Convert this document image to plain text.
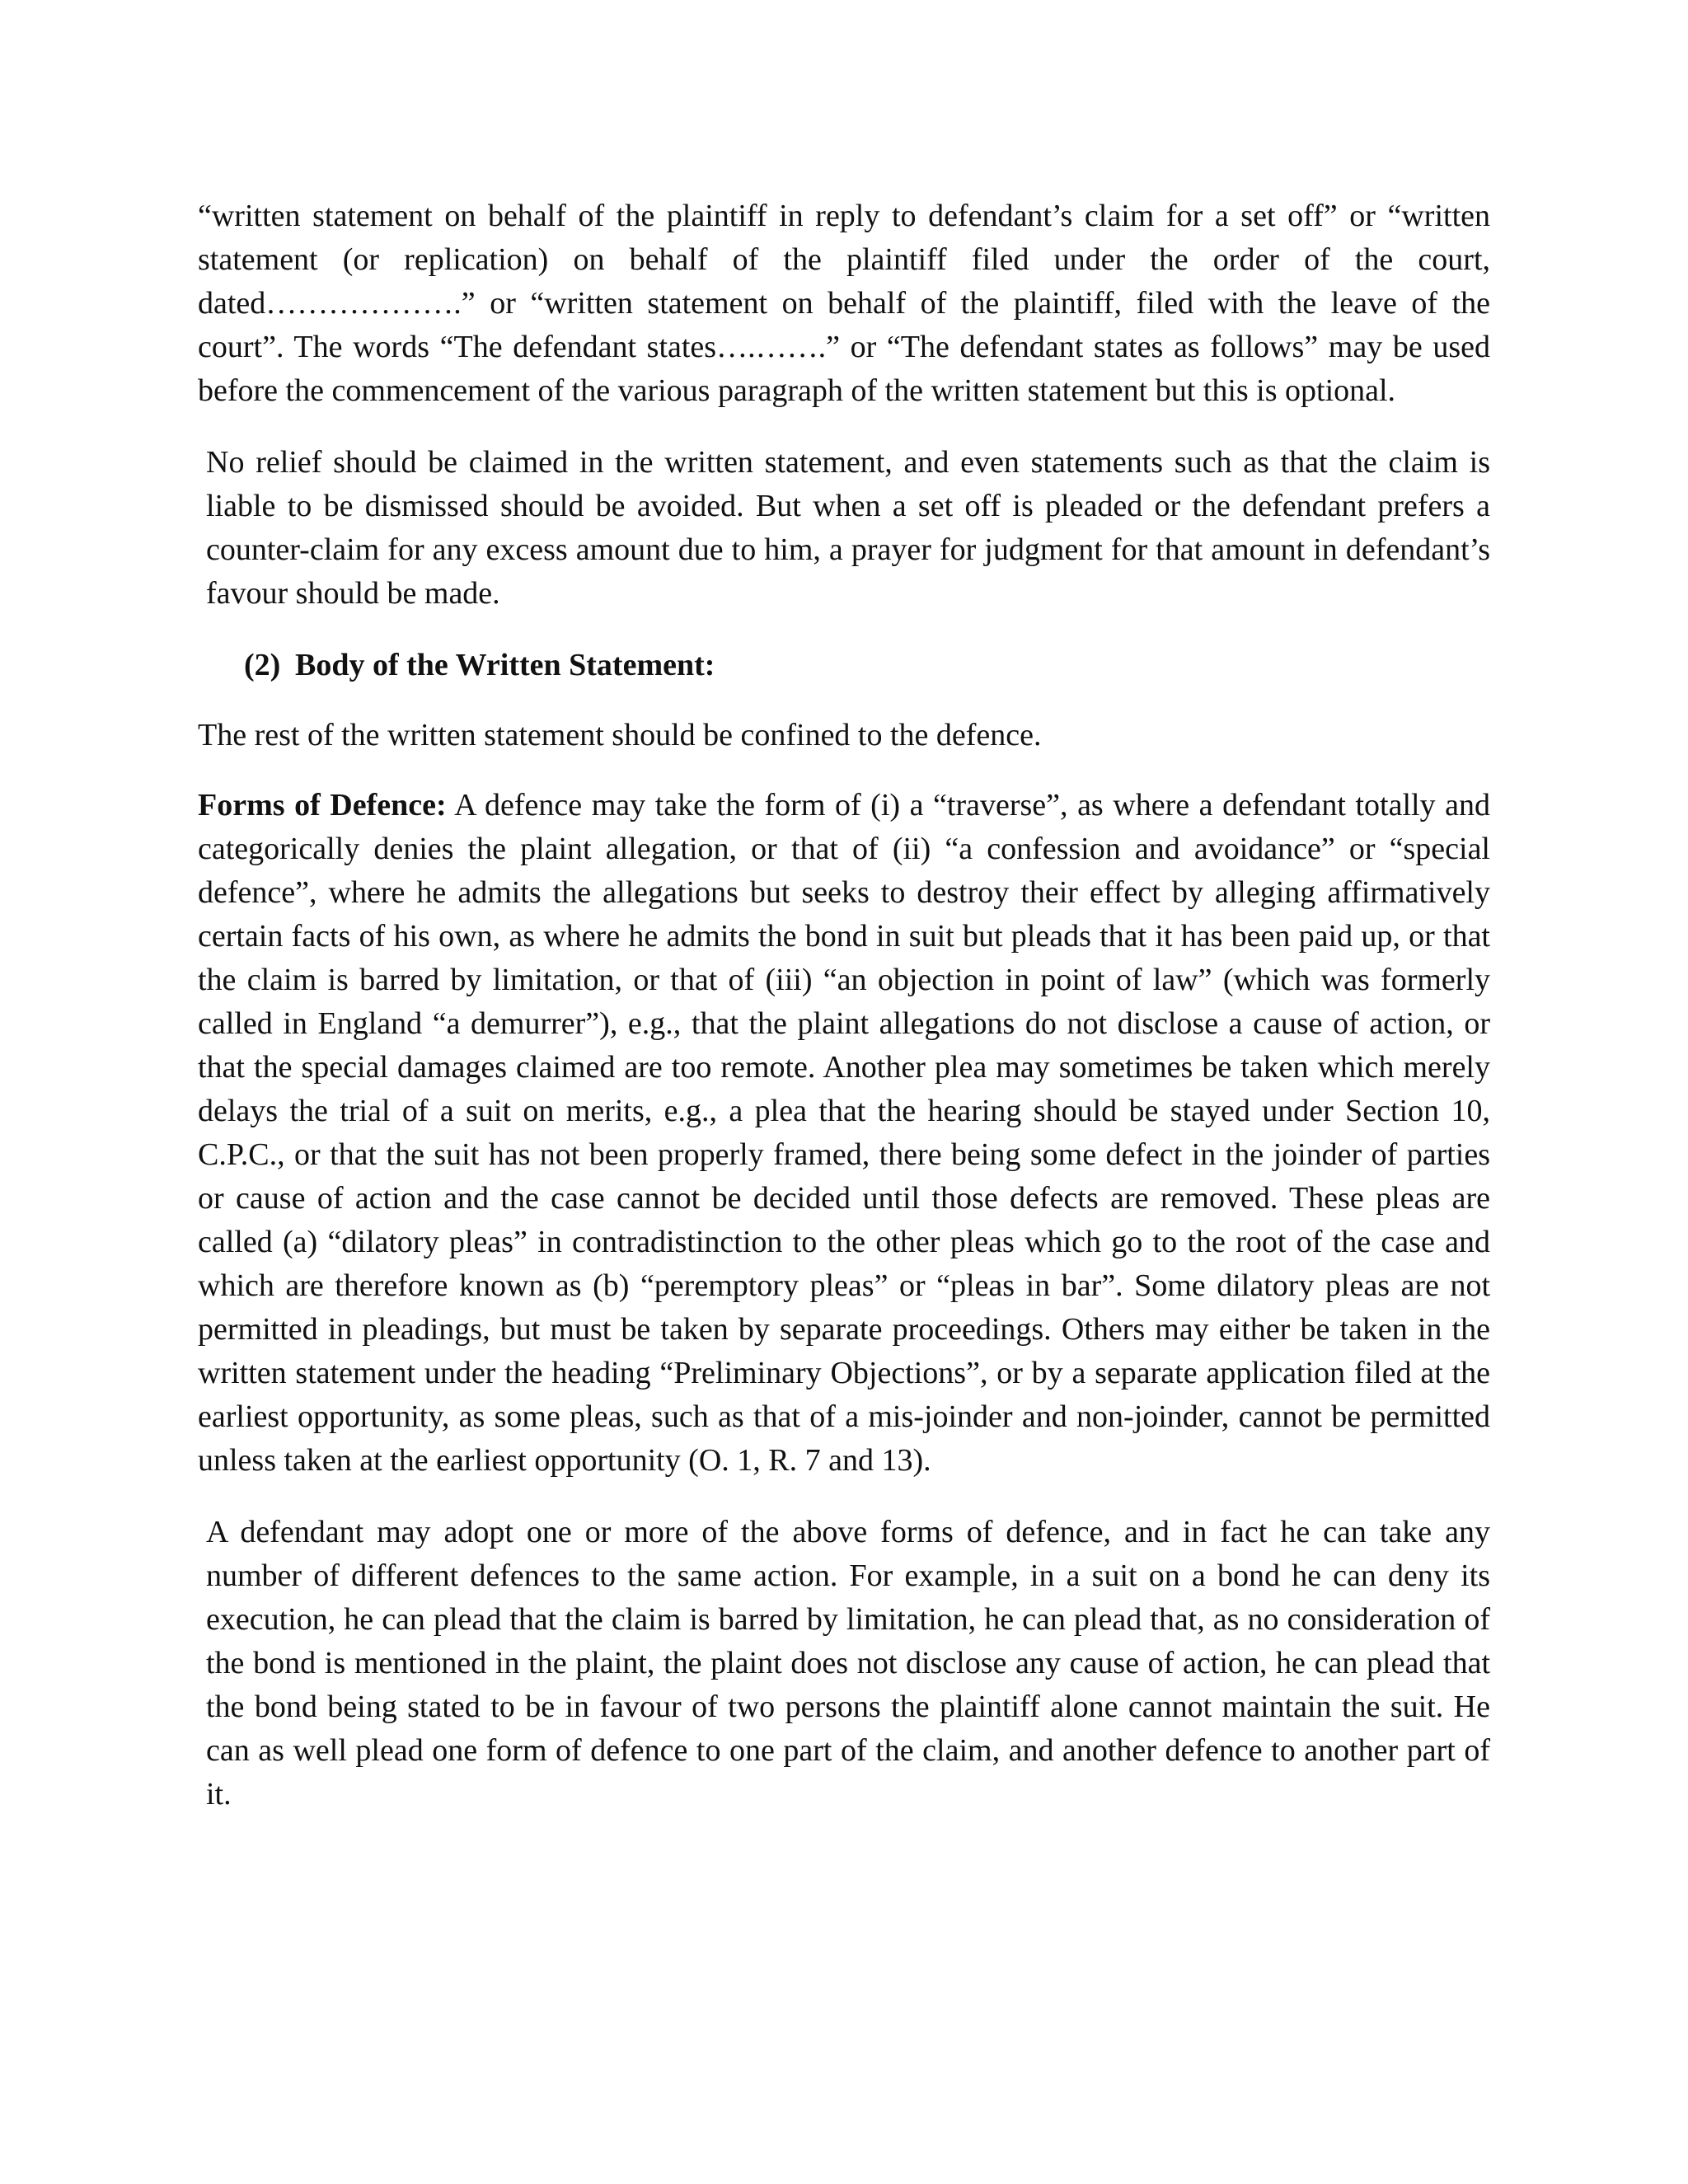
“written statement on behalf of the plaintiff in reply to defendant’s claim for a set off” or “written statement (or replication) on behalf of the plaintiff filed under the order of the court, dated……………….” or “written statement on behalf of the plaintiff, filed with the leave of the court”. The words “The defendant states….…….” or “The defendant states as follows” may be used before the commencement of the various paragraph of the written statement but this is optional.

No relief should be claimed in the written statement, and even statements such as that the claim is liable to be dismissed should be avoided. But when a set off is pleaded or the defendant prefers a counter-claim for any excess amount due to him, a prayer for judgment for that amount in defendant’s favour should be made.

(2) Body of the Written Statement:

The rest of the written statement should be confined to the defence.

Forms of Defence: A defence may take the form of (i) a “traverse”, as where a defendant totally and categorically denies the plaint allegation, or that of (ii) “a confession and avoidance” or “special defence”, where he admits the allegations but seeks to destroy their effect by alleging affirmatively certain facts of his own, as where he admits the bond in suit but pleads that it has been paid up, or that the claim is barred by limitation, or that of (iii) “an objection in point of law” (which was formerly called in England “a demurrer”), e.g., that the plaint allegations do not disclose a cause of action, or that the special damages claimed are too remote. Another plea may sometimes be taken which merely delays the trial of a suit on merits, e.g., a plea that the hearing should be stayed under Section 10, C.P.C., or that the suit has not been properly framed, there being some defect in the joinder of parties or cause of action and the case cannot be decided until those defects are removed. These pleas are called (a) “dilatory pleas” in contradistinction to the other pleas which go to the root of the case and which are therefore known as (b) “peremptory pleas” or “pleas in bar”. Some dilatory pleas are not permitted in pleadings, but must be taken by separate proceedings. Others may either be taken in the written statement under the heading “Preliminary Objections”, or by a separate application filed at the earliest opportunity, as some pleas, such as that of a mis-joinder and non-joinder, cannot be permitted unless taken at the earliest opportunity (O. 1, R. 7 and 13).

A defendant may adopt one or more of the above forms of defence, and in fact he can take any number of different defences to the same action. For example, in a suit on a bond he can deny its execution, he can plead that the claim is barred by limitation, he can plead that, as no consideration of the bond is mentioned in the plaint, the plaint does not disclose any cause of action, he can plead that the bond being stated to be in favour of two persons the plaintiff alone cannot maintain the suit. He can as well plead one form of defence to one part of the claim, and another defence to another part of it.
